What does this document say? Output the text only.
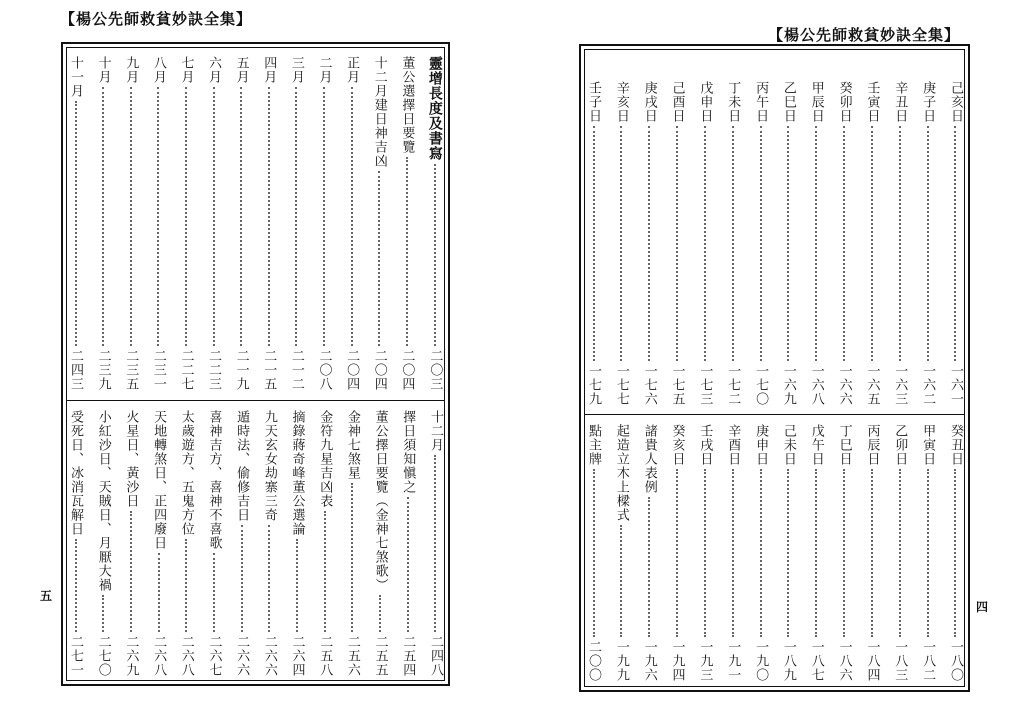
【楊公先師救貧妙訣全集】
五
靈增長度及書寫
二〇三
董公選擇日要覽
二〇四
十二月建日神吉凶
二〇四
正月
二〇四
二月
二〇八
三月
二一二
四月
二一五
五月
二一九
六月
二二三
七月
二二七
八月
二三一
九月
二三五
十月
二三九
十一月
二四三
十二月
二四八
擇日須知愼之
二五四
董公擇日要覽（金神七煞歌）
二五五
金神七煞星
二五六
金符九星吉凶表
二五八
摘錄蔣奇峰董公選論
二六四
九天玄女劫寨三奇
二六六
遁時法、偷修吉日
二六六
喜神吉方、喜神不喜歌
二六七
太歲遊方、五鬼方位
二六八
天地轉煞日、正四廢日
二六八
火星日、黃沙日
二六九
小紅沙日、天賊日、月厭大禍
二七〇
受死日、冰消瓦解日
二七一
【楊公先師救貧妙訣全集】
四
己亥日
一六一
庚子日
一六二
辛丑日
一六三
壬寅日
一六五
癸卯日
一六六
甲辰日
一六八
乙巳日
一六九
丙午日
一七〇
丁未日
一七二
戊申日
一七三
己酉日
一七五
庚戌日
一七六
辛亥日
一七七
壬子日
一七九
癸丑日
一八〇
甲寅日
一八二
乙卯日
一八三
丙辰日
一八四
丁巳日
一八六
戊午日
一八七
己未日
一八九
庚申日
一九〇
辛酉日
一九一
壬戌日
一九三
癸亥日
一九四
諸貴人表例
一九六
起造立木上樑式
一九九
點主牌
二〇〇
